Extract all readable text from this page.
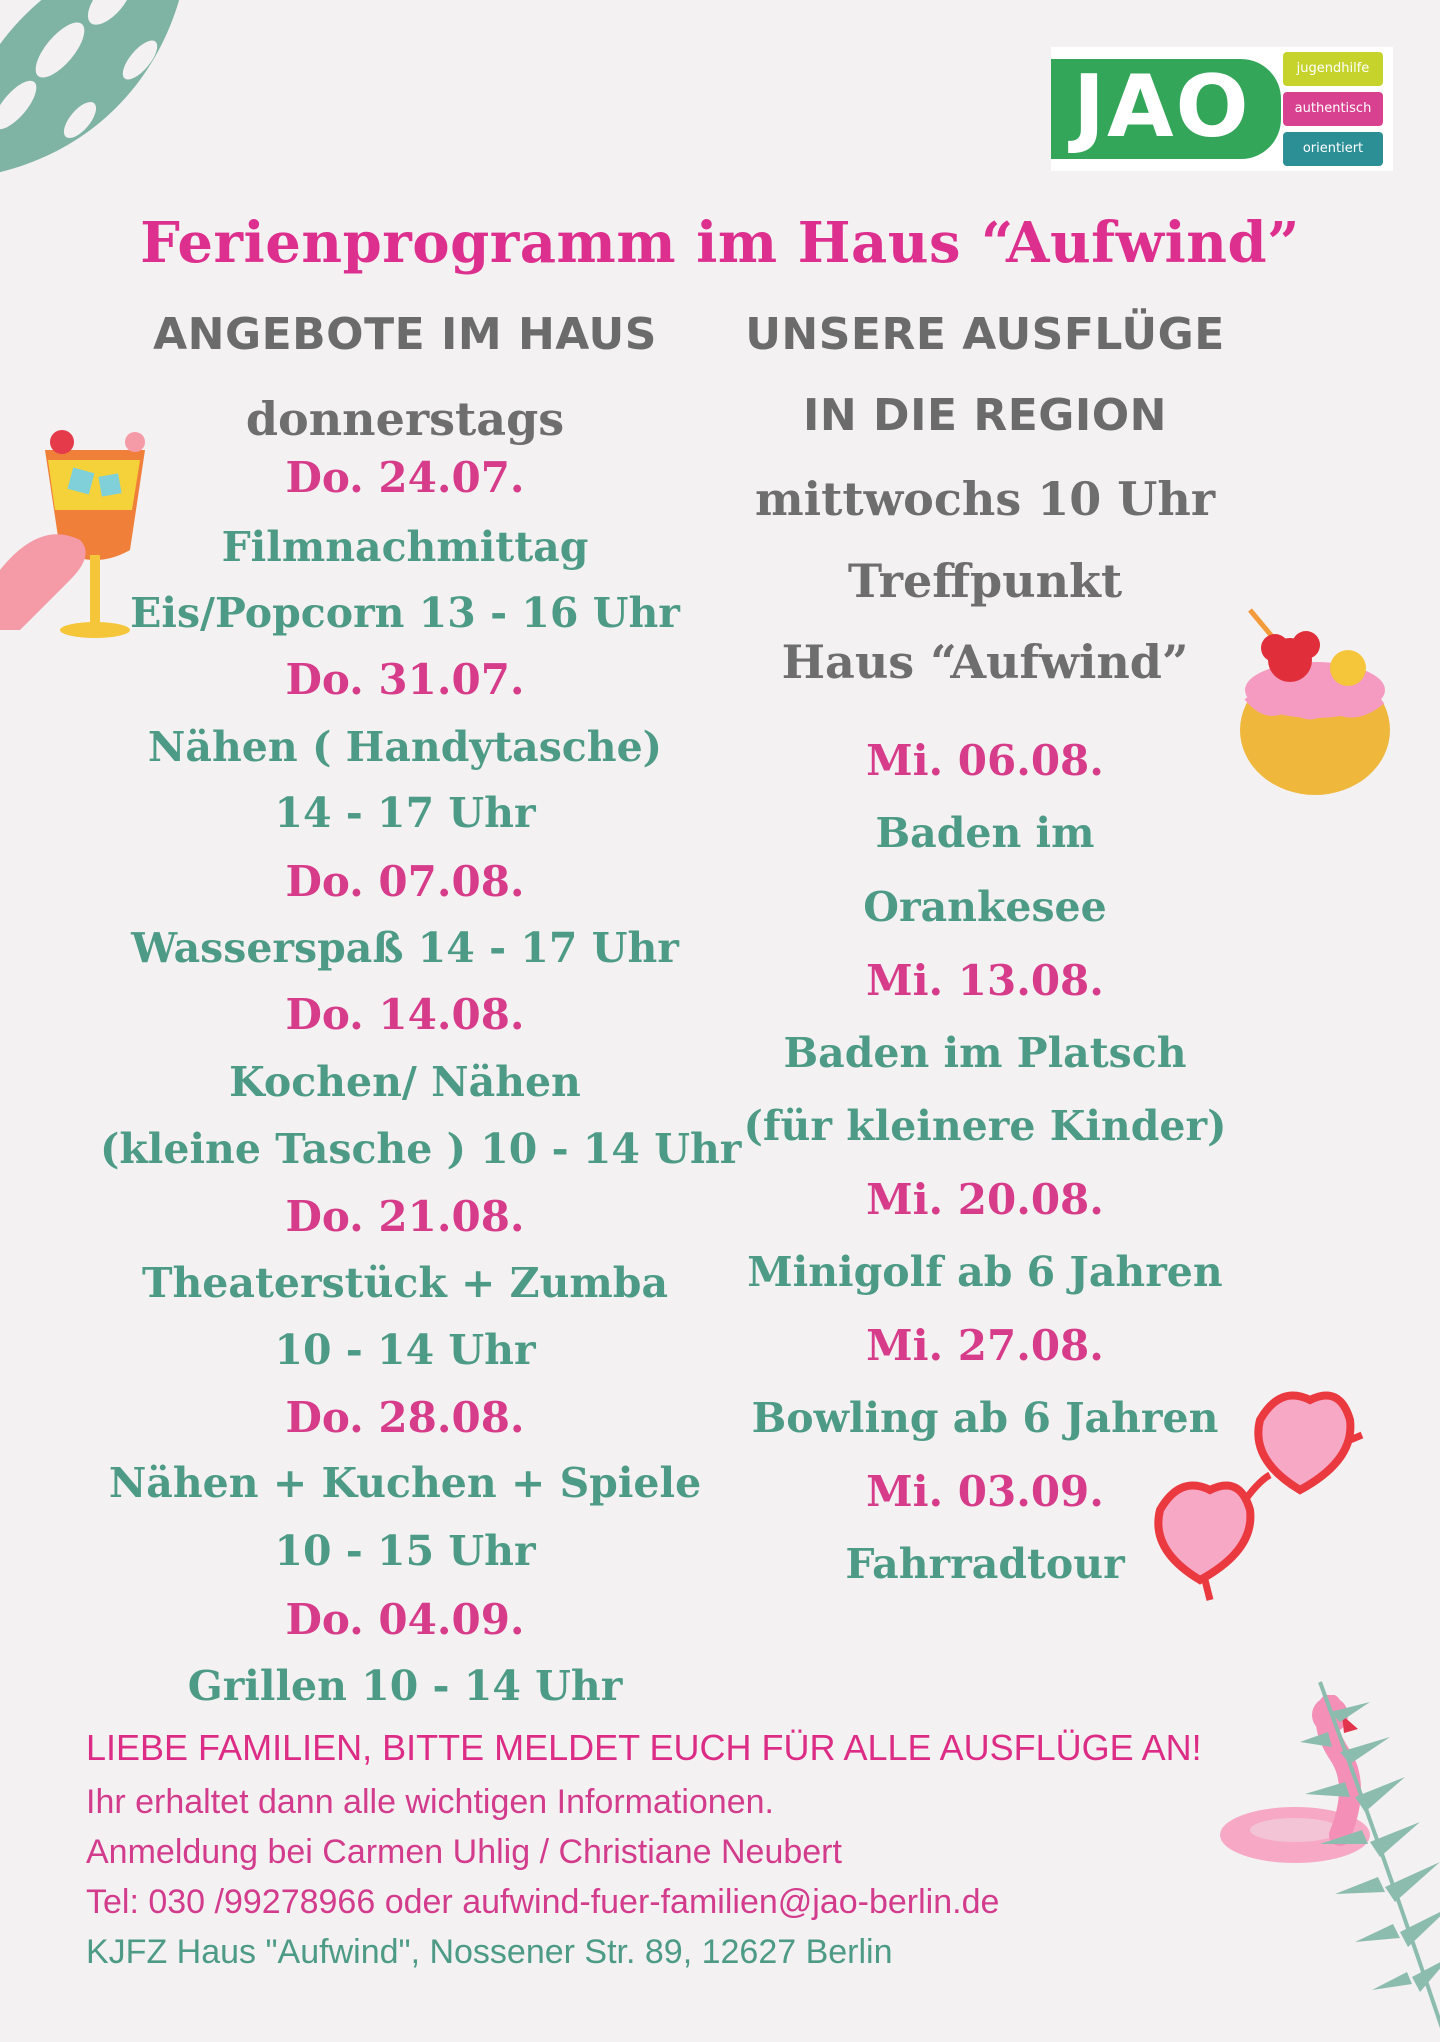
JAO	jugendhilfe
authentisch
orientiert
Ferienprogramm im Haus “Aufwind”
ANGEBOTE IM HAUS
donnerstags
Do. 24.07.
Filmnachmittag
Eis/Popcorn 13 - 16 Uhr
Do. 31.07.
Nähen ( Handytasche)
14 - 17 Uhr
Do. 07.08.
Wasserspaß 14 - 17 Uhr
Do. 14.08.
Kochen/ Nähen
(kleine Tasche ) 10 - 14 Uhr
Do. 21.08.
Theaterstück + Zumba
10 - 14 Uhr
Do. 28.08.
Nähen + Kuchen + Spiele
10 - 15 Uhr
Do. 04.09.
Grillen 10 - 14 Uhr
UNSERE AUSFLÜGE
IN DIE REGION
mittwochs 10 Uhr
Treffpunkt
Haus “Aufwind”
Mi. 06.08.
Baden im
Orankesee
Mi. 13.08.
Baden im Platsch
(für kleinere Kinder)
Mi. 20.08.
Minigolf ab 6 Jahren
Mi. 27.08.
Bowling ab 6 Jahren
Mi. 03.09.
Fahrradtour
LIEBE FAMILIEN, BITTE MELDET EUCH FÜR ALLE AUSFLÜGE AN!
Ihr erhaltet dann alle wichtigen Informationen.
Anmeldung bei Carmen Uhlig / Christiane Neubert
Tel: 030 /99278966 oder aufwind-fuer-familien@jao-berlin.de
KJFZ Haus "Aufwind", Nossener Str. 89, 12627 Berlin
